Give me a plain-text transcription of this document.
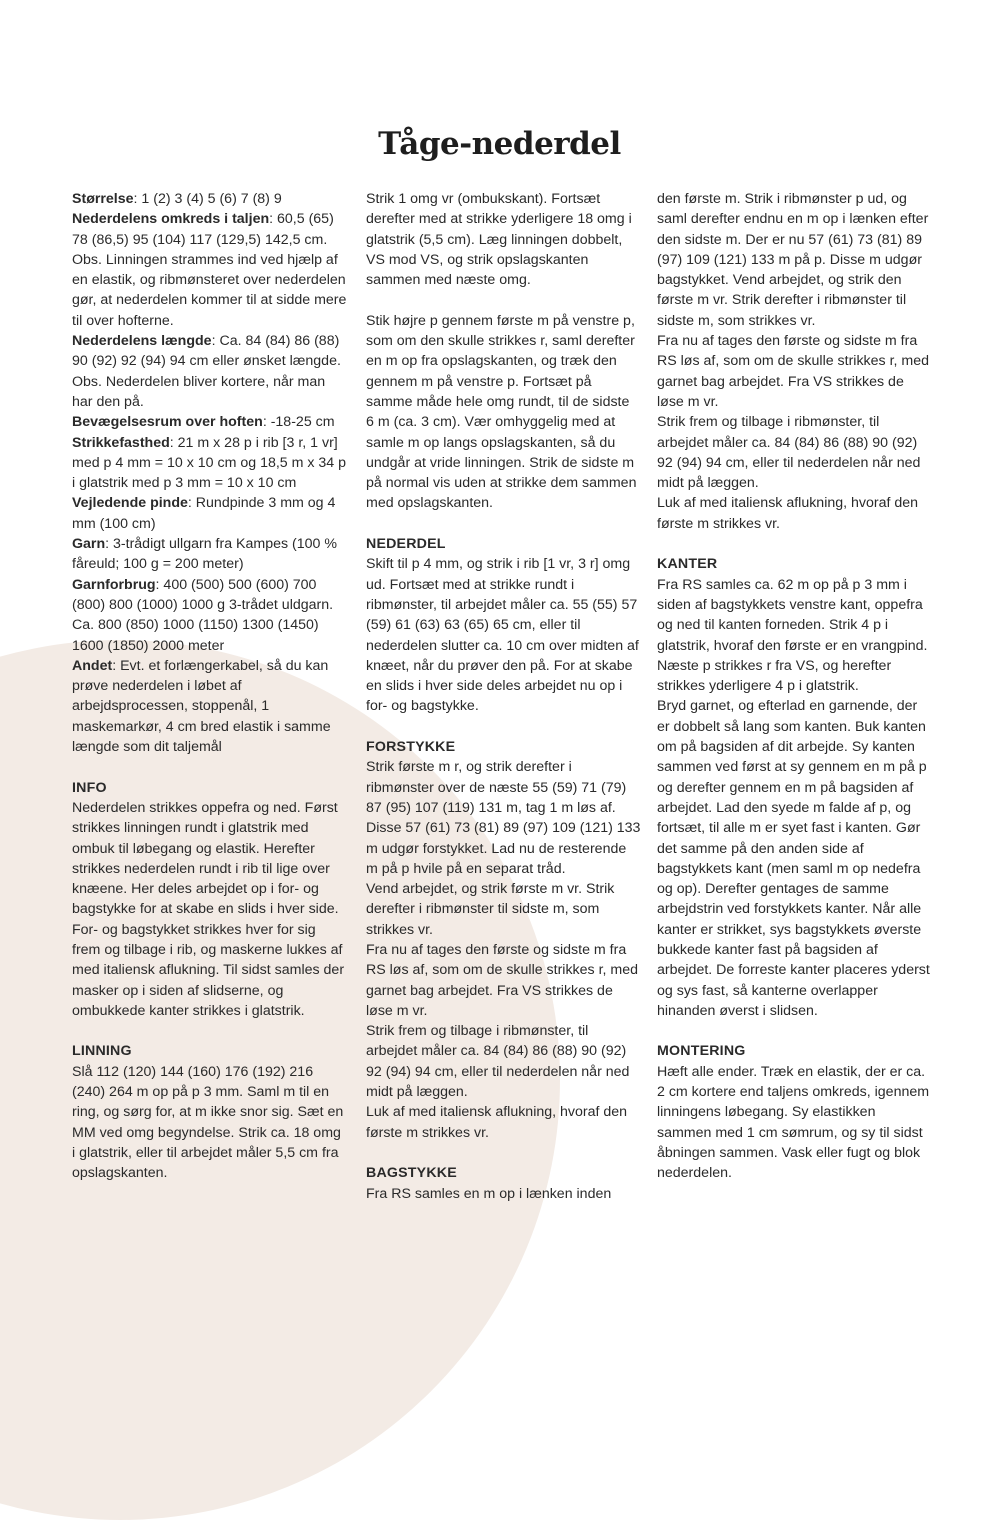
Tåge-nederdel

Størrelse: 1 (2) 3 (4) 5 (6) 7 (8) 9

Nederdelens omkreds i taljen: 60,5 (65) 78 (86,5) 95 (104) 117 (129,5) 142,5 cm. Obs. Linningen strammes ind ved hjælp af en elastik, og ribmønsteret over nederdelen gør, at nederdelen kommer til at sidde mere til over hofterne.

Nederdelens længde: Ca. 84 (84) 86 (88) 90 (92) 92 (94) 94 cm eller ønsket længde. Obs. Nederdelen bliver kortere, når man har den på.

Bevægelsesrum over hoften: -18-25 cm

Strikkefasthed: 21 m x 28 p i rib [3 r, 1 vr] med p 4 mm = 10 x 10 cm og 18,5 m x 34 p i glatstrik med p 3 mm = 10 x 10 cm

Vejledende pinde: Rundpinde 3 mm og 4 mm (100 cm)

Garn: 3-trådigt ullgarn fra Kampes (100 % fåreuld; 100 g = 200 meter)

Garnforbrug: 400 (500) 500 (600) 700 (800) 800 (1000) 1000 g 3-trådet uldgarn. Ca. 800 (850) 1000 (1150) 1300 (1450) 1600 (1850) 2000 meter

Andet: Evt. et forlængerkabel, så du kan prøve nederdelen i løbet af arbejdsprocessen, stoppenål, 1 maskemarkør, 4 cm bred elastik i samme længde som dit taljemål

INFO

Nederdelen strikkes oppefra og ned. Først strikkes linningen rundt i glatstrik med ombuk til løbegang og elastik. Herefter strikkes nederdelen rundt i rib til lige over knæene. Her deles arbejdet op i for- og bagstykke for at skabe en slids i hver side. For- og bagstykket strikkes hver for sig frem og tilbage i rib, og maskerne lukkes af med italiensk aflukning. Til sidst samles der masker op i siden af slidserne, og ombukkede kanter strikkes i glatstrik.

LINNING

Slå 112 (120) 144 (160) 176 (192) 216 (240) 264 m op på p 3 mm. Saml m til en ring, og sørg for, at m ikke snor sig. Sæt en MM ved omg begyndelse. Strik ca. 18 omg i glatstrik, eller til arbejdet måler 5,5 cm fra opslagskanten.

Strik 1 omg vr (ombukskant). Fortsæt derefter med at strikke yderligere 18 omg i glatstrik (5,5 cm). Læg linningen dobbelt, VS mod VS, og strik opslagskanten sammen med næste omg.

Stik højre p gennem første m på venstre p, som om den skulle strikkes r, saml derefter en m op fra opslagskanten, og træk den gennem m på venstre p. Fortsæt på samme måde hele omg rundt, til de sidste 6 m (ca. 3 cm). Vær omhyggelig med at samle m op langs opslagskanten, så du undgår at vride linningen. Strik de sidste m på normal vis uden at strikke dem sammen med opslagskanten.

NEDERDEL

Skift til p 4 mm, og strik i rib [1 vr, 3 r] omg ud. Fortsæt med at strikke rundt i ribmønster, til arbejdet måler ca. 55 (55) 57 (59) 61 (63) 63 (65) 65 cm, eller til nederdelen slutter ca. 10 cm over midten af knæet, når du prøver den på. For at skabe en slids i hver side deles arbejdet nu op i for- og bagstykke.

FORSTYKKE

Strik første m r, og strik derefter i ribmønster over de næste 55 (59) 71 (79) 87 (95) 107 (119) 131 m, tag 1 m løs af. Disse 57 (61) 73 (81) 89 (97) 109 (121) 133 m udgør forstykket. Lad nu de resterende m på p hvile på en separat tråd.

Vend arbejdet, og strik første m vr. Strik derefter i ribmønster til sidste m, som strikkes vr.

Fra nu af tages den første og sidste m fra RS løs af, som om de skulle strikkes r, med garnet bag arbejdet. Fra VS strikkes de løse m vr.

Strik frem og tilbage i ribmønster, til arbejdet måler ca. 84 (84) 86 (88) 90 (92) 92 (94) 94 cm, eller til nederdelen når ned midt på læggen.

Luk af med italiensk aflukning, hvoraf den første m strikkes vr.

BAGSTYKKE

Fra RS samles en m op i lænken inden

den første m. Strik i ribmønster p ud, og saml derefter endnu en m op i lænken efter den sidste m. Der er nu 57 (61) 73 (81) 89 (97) 109 (121) 133 m på p. Disse m udgør bagstykket. Vend arbejdet, og strik den første m vr. Strik derefter i ribmønster til sidste m, som strikkes vr.

Fra nu af tages den første og sidste m fra RS løs af, som om de skulle strikkes r, med garnet bag arbejdet. Fra VS strikkes de løse m vr.

Strik frem og tilbage i ribmønster, til arbejdet måler ca. 84 (84) 86 (88) 90 (92) 92 (94) 94 cm, eller til nederdelen når ned midt på læggen.

Luk af med italiensk aflukning, hvoraf den første m strikkes vr.

KANTER

Fra RS samles ca. 62 m op på p 3 mm i siden af bagstykkets venstre kant, oppefra og ned til kanten forneden. Strik 4 p i glatstrik, hvoraf den første er en vrangpind. Næste p strikkes r fra VS, og herefter strikkes yderligere 4 p i glatstrik.

Bryd garnet, og efterlad en garnende, der er dobbelt så lang som kanten. Buk kanten om på bagsiden af dit arbejde. Sy kanten sammen ved først at sy gennem en m på p og derefter gennem en m på bagsiden af arbejdet. Lad den syede m falde af p, og fortsæt, til alle m er syet fast i kanten. Gør det samme på den anden side af bagstykkets kant (men saml m op nedefra og op). Derefter gentages de samme arbejdstrin ved forstykkets kanter. Når alle kanter er strikket, sys bagstykkets øverste bukkede kanter fast på bagsiden af arbejdet. De forreste kanter placeres yderst og sys fast, så kanterne overlapper hinanden øverst i slidsen.

MONTERING

Hæft alle ender. Træk en elastik, der er ca. 2 cm kortere end taljens omkreds, igennem linningens løbegang. Sy elastikken sammen med 1 cm sømrum, og sy til sidst åbningen sammen. Vask eller fugt og blok nederdelen.
